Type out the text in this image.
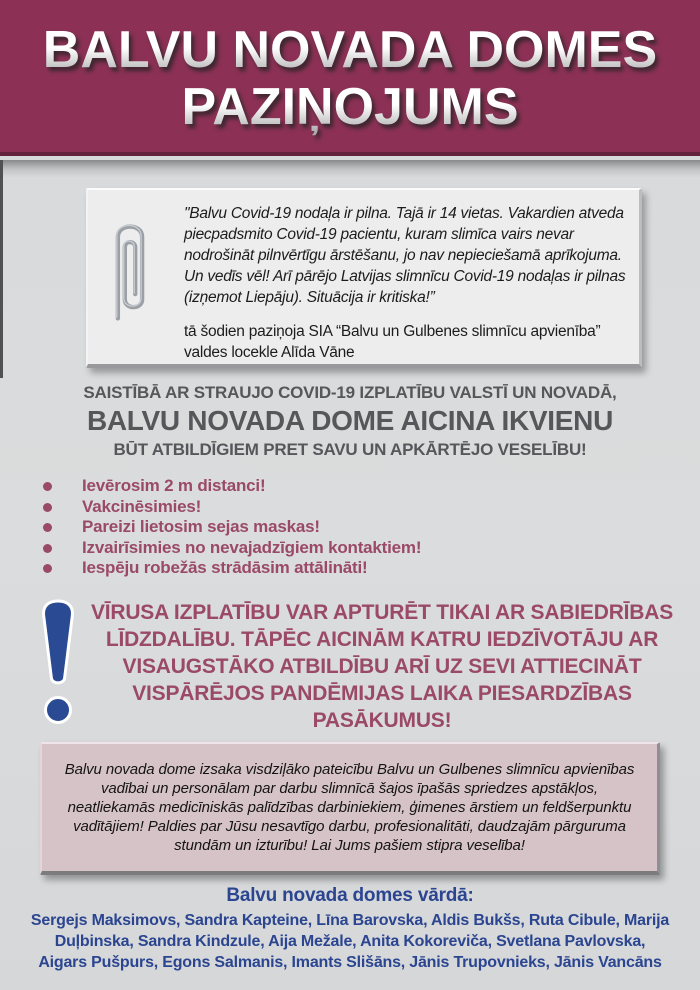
BALVU NOVADA DOMES
PAZIŅOJUMS
"Balvu Covid-19 nodaļa ir pilna. Tajā ir 14 vietas. Vakardien atveda piecpadsmito Covid-19 pacientu, kuram slimīca vairs nevar nodrošināt pilnvērtīgu ārstēšanu, jo nav nepieciešamā aprīkojuma. Un vedīs vēl! Arī pārējo Latvijas slimnīcu Covid-19 nodaļas ir pilnas (izņemot Liepāju). Situācija ir kritiska!”
tā šodien paziņoja SIA “Balvu un Gulbenes slimnīcu apvienība”
valdes locekle Alīda Vāne
SAISTĪBĀ AR STRAUJO COVID-19 IZPLATĪBU VALSTĪ UN NOVADĀ,
BALVU NOVADA DOME AICINA IKVIENU
BŪT ATBILDĪGIEM PRET SAVU UN APKĀRTĒJO VESELĪBU!
Ievērosim 2 m distanci!
Vakcinēsimies!
Pareizi lietosim sejas maskas!
Izvairīsimies no nevajadzīgiem kontaktiem!
Iespēju robežās strādāsim attālināti!
VĪRUSA IZPLATĪBU VAR APTURĒT TIKAI AR SABIEDRĪBAS LĪDZDALĪBU. TĀPĒC AICINĀM KATRU IEDZĪVOTĀJU AR VISAUGSTĀKO ATBILDĪBU ARĪ UZ SEVI ATTIECINĀT VISPĀRĒJOS PANDĒMIJAS LAIKA PIESARDZĪBAS PASĀKUMUS!
Balvu novada dome izsaka visdziļāko pateicību Balvu un Gulbenes slimnīcu apvienības vadībai un personālam par darbu slimnīcā šajos īpašās spriedzes apstākļos, neatliekamās medicīniskās palīdzības darbiniekiem, ģimenes ārstiem un feldšerpunktu vadītājiem! Paldies par Jūsu nesavtīgo darbu, profesionalitāti, daudzajām pārguruma stundām un izturību! Lai Jums pašiem stipra veselība!
Balvu novada domes vārdā:
Sergejs Maksimovs, Sandra Kapteine, Līna Barovska, Aldis Bukšs, Ruta Cibule, Marija Duļbinska, Sandra Kindzule, Aija Mežale, Anita Kokoreviča, Svetlana Pavlovska, Aigars Pušpurs, Egons Salmanis, Imants Slišāns, Jānis Trupovnieks, Jānis Vancāns
